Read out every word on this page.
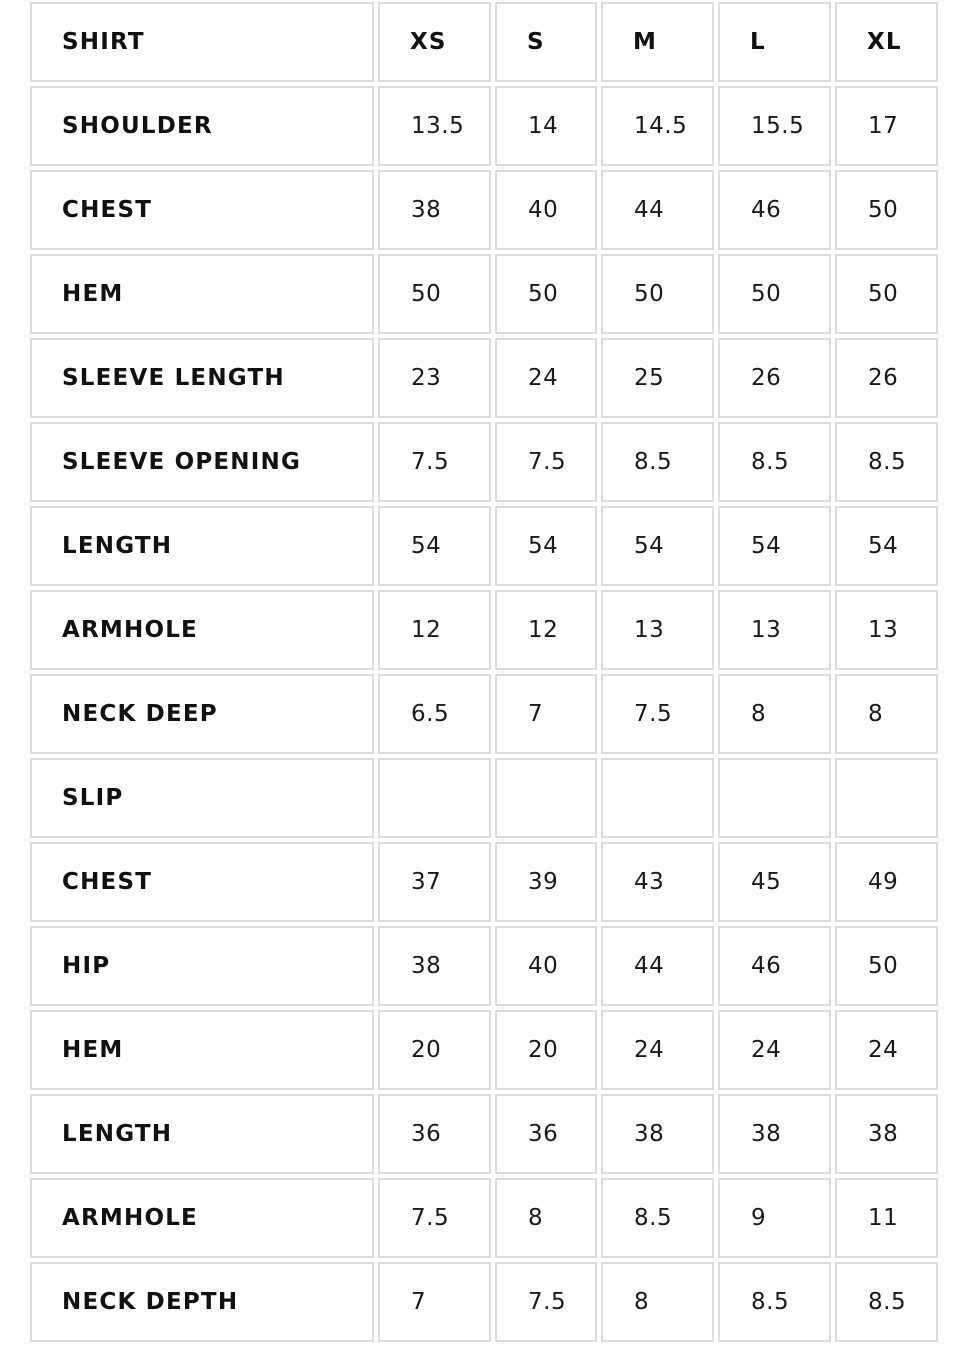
SHIRT	XS	S	M	L	XL
SHOULDER	13.5	14	14.5	15.5	17
CHEST	38	40	44	46	50
HEM	50	50	50	50	50
SLEEVE LENGTH	23	24	25	26	26
SLEEVE OPENING	7.5	7.5	8.5	8.5	8.5
LENGTH	54	54	54	54	54
ARMHOLE	12	12	13	13	13
NECK DEEP	6.5	7	7.5	8	8
SLIP					
CHEST	37	39	43	45	49
HIP	38	40	44	46	50
HEM	20	20	24	24	24
LENGTH	36	36	38	38	38
ARMHOLE	7.5	8	8.5	9	11
NECK DEPTH	7	7.5	8	8.5	8.5
